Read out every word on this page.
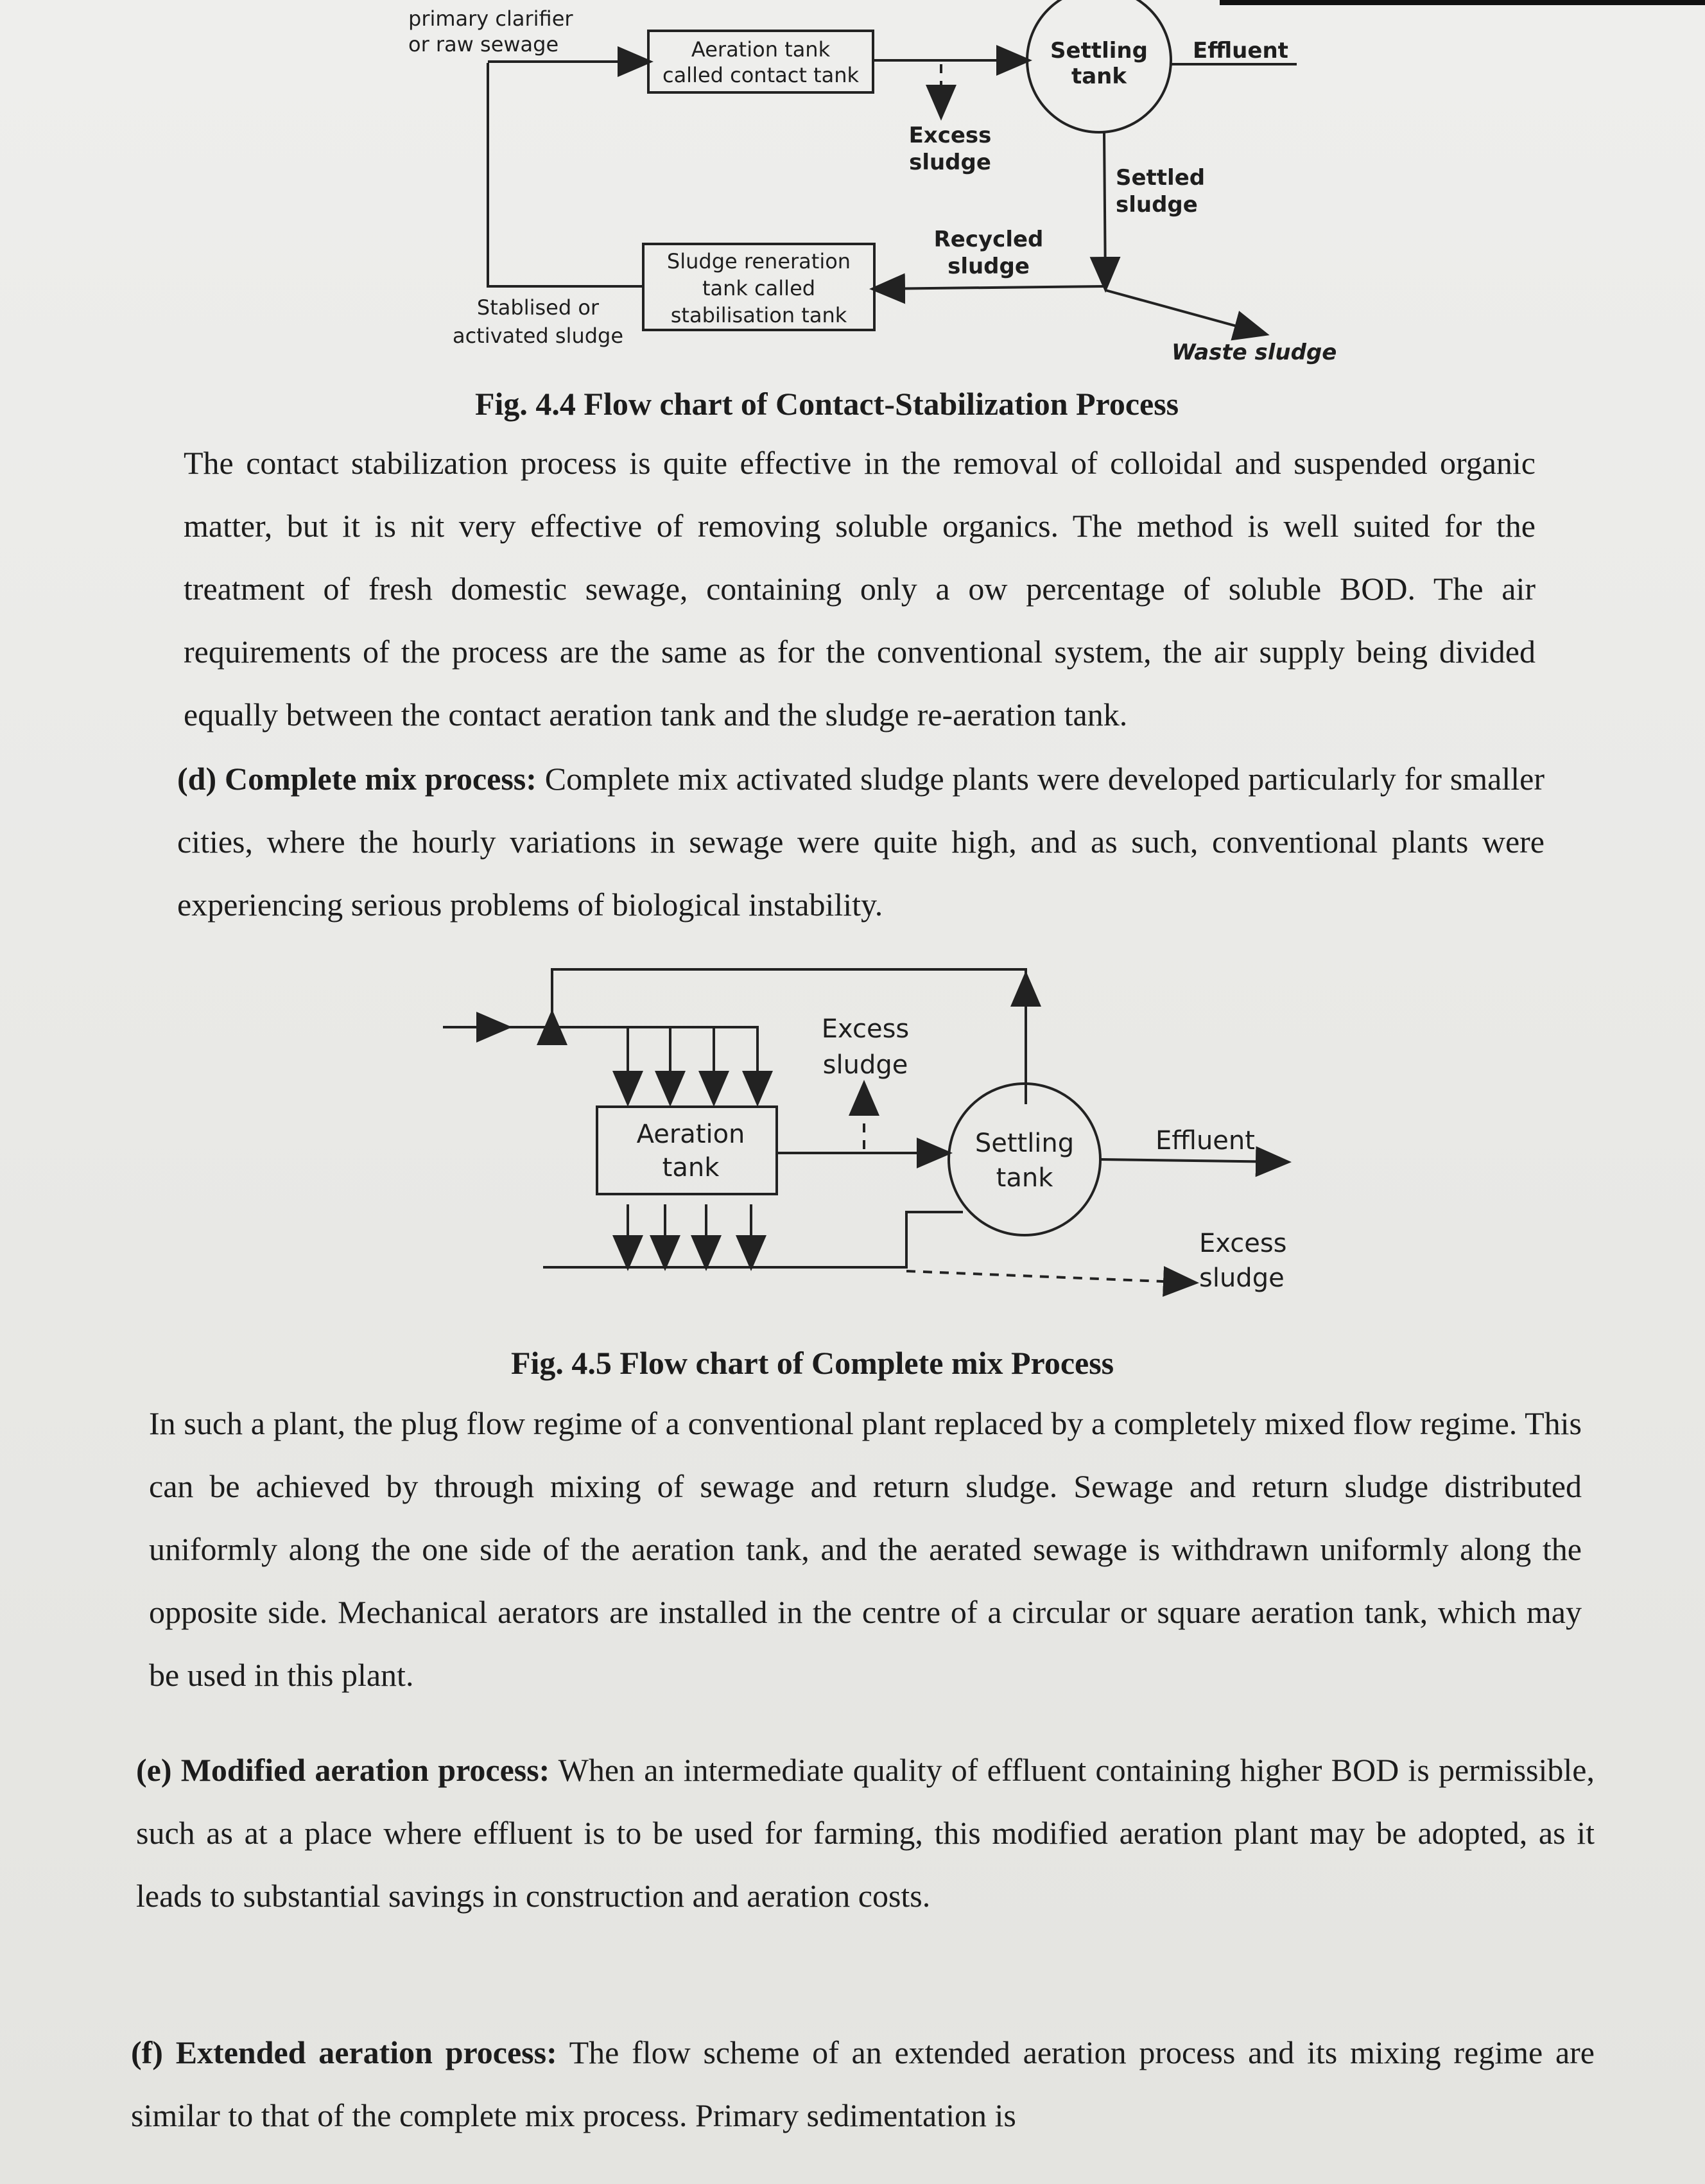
primary clarifier
or raw sewage	Aeration tank
called contact tank
Settling
tank
Effluent
Excess
sludge
Settled
sludge
Recycled
sludge
Waste sludge
Sludge reneration
tank called
stabilisation tank
Stablised or
activated sludge
Fig. 4.4 Flow chart of Contact-Stabilization Process
The contact stabilization process is quite effective in the removal of colloidal and suspended organic matter, but it is nit very effective of removing soluble organics. The method is well suited for the treatment of fresh domestic sewage, containing only a ow percentage of soluble BOD. The air requirements of the process are the same as for the conventional system, the air supply being divided equally between the contact aeration tank and the sludge re-aeration tank.
(d) Complete mix process: Complete mix activated sludge plants were developed particularly for smaller cities, where the hourly variations in sewage were quite high, and as such, conventional plants were experiencing serious problems of biological instability.
Aeration
tank
Excess
sludge
Settling
tank
Effluent
Excess
sludge
Fig. 4.5 Flow chart of Complete mix Process
In such a plant, the plug flow regime of a conventional plant replaced by a completely mixed flow regime. This can be achieved by through mixing of sewage and return sludge. Sewage and return sludge distributed uniformly along the one side of the aeration tank, and the aerated sewage is withdrawn uniformly along the opposite side. Mechanical aerators are installed in the centre of a circular or square aeration tank, which may be used in this plant.
(e) Modified aeration process: When an intermediate quality of effluent containing higher BOD is permissible, such as at a place where effluent is to be used for farming, this modified aeration plant may be adopted, as it leads to substantial savings in construction and aeration costs.
(f) Extended aeration process: The flow scheme of an extended aeration process and its mixing regime are similar to that of the complete mix process. Primary sedimentation is
